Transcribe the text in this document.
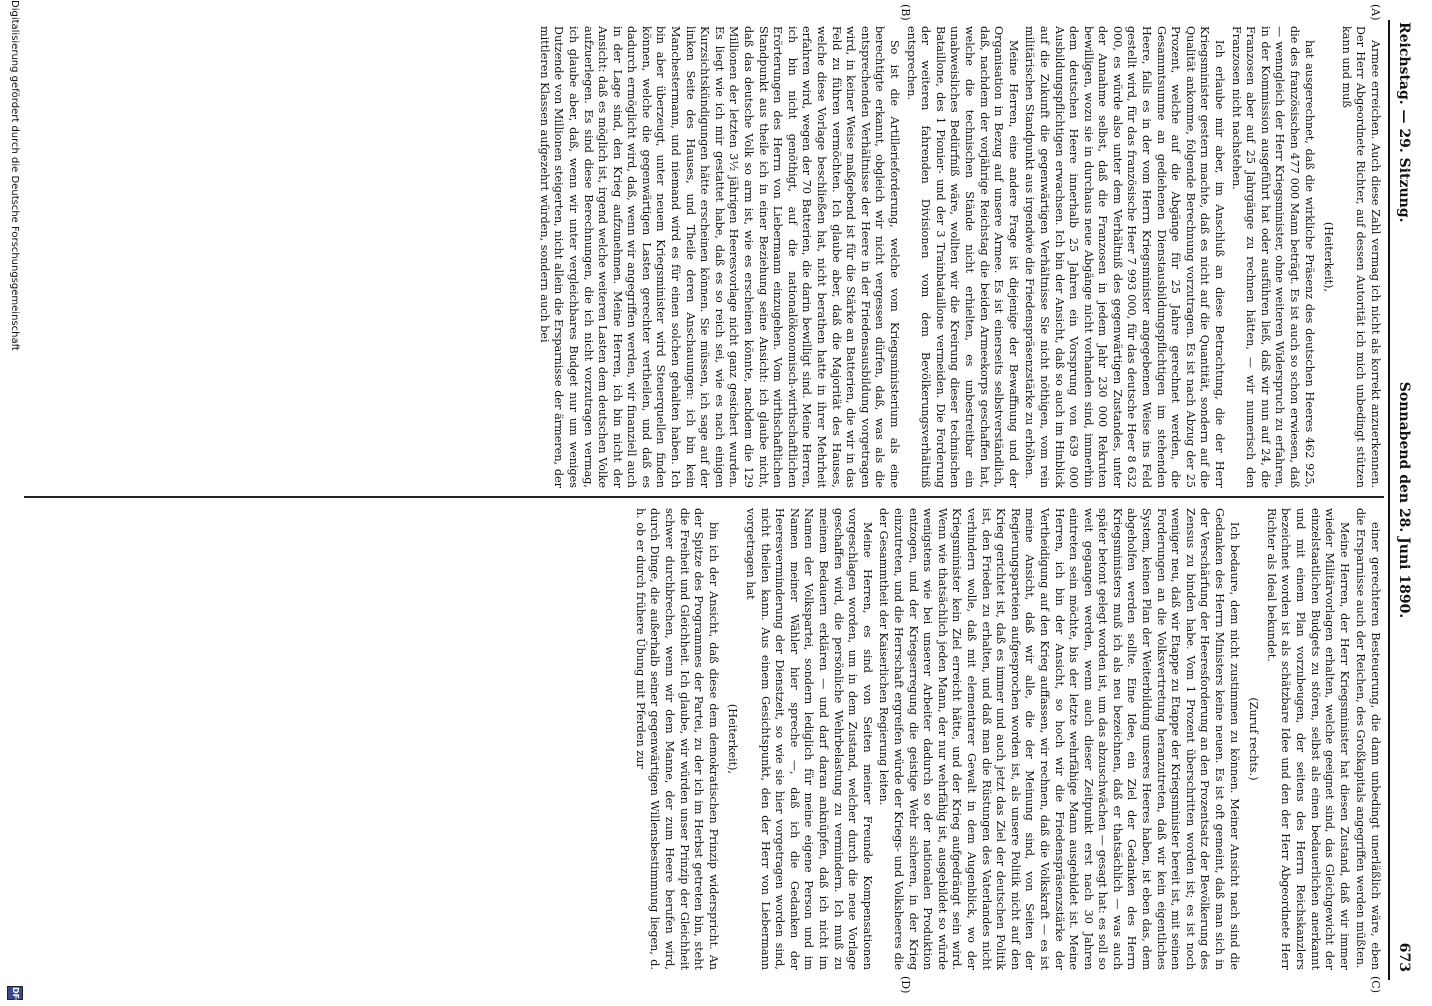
Reichstag. — 29. Sitzung.
Sonnabend den 28. Juni 1890.
673
(A)
(B)
(C)
(D)

Armee erreichen. Auch diese Zahl vermag ich nicht als korrekt anzuerkennen. Der Herr Abgeordnete Richter, auf dessen Autorität ich mich unbedingt stützen kann und muß

(Heiterkeit),

hat ausgerechnet, daß die wirkliche Präsenz des deutschen Heeres 462 925, die des französischen 477 000 Mann beträgt. Es ist auch so schon erwiesen, daß — wenngleich der Herr Kriegsminister, ohne weiteren Widerspruch zu erfahren, in der Kommission ausgeführt hat oder ausführen ließ, daß wir nun auf 24, die Franzosen aber auf 25 Jahrgänge zu rechnen hätten, — wir numerisch den Franzosen nicht nachstehen.

Ich erlaube mir aber, im Anschluß an diese Betrachtung, die der Herr Kriegsminister gestern machte, daß es nicht auf die Quantität, sondern auf die Qualität ankomme, folgende Berechnung vorzutragen. Es ist nach Abzug der 25 Prozent, welche auf die Abgänge für 25 Jahre gerechnet werden, die Gesammtsumme an gediehenen Dienstausbildungspflichtigen im stehenden Heere, falls es in der vom Herrn Kriegsminister angegebenen Weise ins Feld gestellt wird, für das französische Heer 7 993 000, für das deutsche Heer 8 632 000, es würde also unter dem Verhältniß des gegenwärtigen Zustandes, unter der Annahme selbst, daß die Franzosen in jedem Jahr 230 000 Rekruten bewilligen, wozu sie in durchaus neue Abgänge nicht vorhanden sind, immerhin dem deutschen Heere innerhalb 25 Jahren ein Vorsprung von 639 000 Ausbildungspflichtigen erwachsen. Ich bin der Ansicht, daß so auch im Hinblick auf die Zukunft die gegenwärtigen Verhältnisse Sie nicht nöthigen, vom rein militärischen Standpunkt aus irgendwie die Friedenspräsenzstärke zu erhöhen.

Meine Herren, eine andere Frage ist diejenige der Bewaffnung und der Organisation in Bezug auf unsere Armee. Es ist einerseits selbstverständlich, daß, nachdem der vorjährige Reichstag die beiden Armeekorps geschaffen hat, welche die technischen Stände nicht erhielten, es unbestreitbar ein unabweisliches Bedürfniß wäre, wollten wir die Kreirung dieser technischen Bataillone, des 1 Pionier- und der 3 Trainbataillone vermeiden. Die Forderung der weiteren fahrenden Divisionen vom dem Bevölkerungsverhältniß entsprechen.

So ist die Artillerieforderung, welche vom Kriegsministerium als eine berechtigte erkannt, obgleich wir nicht vergessen dürfen, daß, was als die entsprechenden Verhältnisse der Heere in der Friedensausbildung vorgetragen wird, in keiner Weise maßgebend ist für die Stärke an Batterien, die wir in das Feld zu führen vermöchten. Ich glaube aber, daß die Majorität des Hauses, welche diese Vorlage beschließen hat, nicht berathen hatte in ihrer Mehrheit erfahren wird, wegen der 70 Batterien, die darin bewilligt sind. Meine Herren, ich bin nicht genöthigt, auf die nationalökonomisch-wirthschaftlichen Erörterungen des Herrn von Liebermann einzugehen. Vom wirthschaftlichen Standpunkt aus theile ich in einer Beziehung seine Ansicht: ich glaube nicht, daß das deutsche Volk so arm ist, wie es erscheinen könnte, nachdem die 129 Millionen der letzten 3¹⁄₂ jährigen Heeresvorlage nicht ganz gesichert wurden. Es liegt wie ich mir gestattet habe, daß es so reich sei, wie es nach einigen Kurzsichtskündigungen hätte erscheinen können. Sie müssen, ich sage auf der linken Seite des Hauses, und Theile deren Anschauungen: ich bin kein Manchestermann, und niemand wird es für einen solchen gehalten haben. Ich bin aber überzeugt, unter neuem Kriegsminister wird Steuerquellen finden können, welche die gegenwärtigen Lasten gerechter vertheilen, und daß es dadurch ermöglicht wird, daß, wenn wir angegriffen werden, wir finanziell auch in der Lage sind, den Krieg aufzunehmen. Meine Herren, ich bin nicht der Ansicht: daß es möglich ist, irgend welche weiteren Lasten dem deutschen Volke aufzuerlegen. Es sind diese Berechnungen, die ich nicht vorzutragen vermag, ich glaube aber, daß, wenn wir unter vergleichbares Budget nur um weniges Dutzende von Millionen steigerten, nicht allein die Ersparnisse der ärmeren, der mittleren Klassen aufgezehrt würden, sondern auch bei

einer gerechteren Besteuerung, die dann unbedingt unerläßlich wäre, eben die Ersparnisse auch der Reichen, des Großkapitals angegriffen werden müßten.

Meine Herren, der Herr Kriegsminister hat diesen Zustand, daß wir immer wieder Militärvorlagen erhalten, welche geeignet sind, das Gleichgewicht der einzelstaatlichen Budgets zu stören, selbst als einen bedauerlichen anerkannt und mit einem Plan vorzubeugen, der seitens des Herrn Reichskanzlers bezeichnet worden ist als schätzbare Idee und den der Herr Abgeordnete Herr Richter als Ideal bekundet.

(Zuruf rechts.)

Ich bedaure, dem nicht zustimmen zu können. Meiner Ansicht nach sind die Gedanken des Herrn Ministers keine neuen. Es ist oft gemeint, daß man sich in der Verschärfung der Heeresforderung an den Prozentsatz der Bevölkerung des Zensus zu binden habe. Vom 1 Prozent überschritten worden ist; es ist noch weniger neu, daß wir Etappe zu Etappe der Kriegsminister bereit ist, mit seinen Forderungen an die Volksvertretung heranzutreten, daß wir kein eigentliches System, keinen Plan der Weiterbildung unseres Heeres haben, ist eben das, dem abgeholfen werden sollte. Eine Idee, ein Ziel der Gedanken des Herrn Kriegsministers muß ich als neu bezeichnen, daß er thatsächlich — was auch später betont gelegt worden ist, um das abzuschwächen — gesagt hat: es soll so weit gegangen werden, wenn auch dieser Zeitpunkt erst nach 30 Jahren eintreten sein möchte, bis der letzte wehrfähige Mann ausgebildet ist. Meine Herren, ich bin der Ansicht, so hoch wir die Friedenspräsenzstärke der Vertheidigung auf den Krieg auffassen, wir rechnen, daß die Volkskraft — es ist meine Ansicht, daß wir alle, die der Meinung sind, von Seiten der Regierungsparteien aufgesprochen worden ist, als unsere Politik nicht auf den Krieg gerichtet ist, daß es immer und auch jetzt das Ziel der deutschen Politik ist, den Frieden zu erhalten, und daß man die Rüstungen des Vaterlandes nicht verhindern wolle, daß mit elementarer Gewalt in dem Augenblick, wo der Kriegsminister kein Ziel erreicht hätte, und der Krieg aufgedrängt sein wird. Wenn wie thatsächlich jeden Mann, der nur wehrfähig ist, ausgebildet so würde wenigstens wie bei unserer Arbeiter dadurch so der nationalen Produktion entzogen, und der Kriegserregung die geistige Wehr sicheren, in der Krieg einzutreten, und die Herrschaft ergreifen würde der Kriegs- und Volksheeres die der Gesammtheit der Kaiserlichen Regierung leiten.

Meine Herren, es sind von Seiten meiner Freunde Kompensationen vorgeschlagen worden, um in dem Zustand, welcher durch die neue Vorlage geschaffen wird, die persönliche Wehrbelastung zu vermindern. Ich muß zu meinem Bedauern erklären — und darf daran anknüpfen, daß ich nicht im Namen der Volkspartei, sondern lediglich für meine eigene Person und im Namen meiner Wähler hier spreche —, daß ich die Gedanken der Heeresverminderung der Dienstzeit, so wie sie hier vorgetragen worden sind, nicht theilen kann. Aus einem Gesichtspunkt, den der Herr von Liebermann vorgetragen hat

(Heiterkeit),

bin ich der Ansicht, daß diese dem demokratischen Prinzip widerspricht. An der Spitze des Programmes der Partei, zu der ich im Herbst getreten bin, steht die Freiheit und Gleichheit. Ich glaube, wir würden unser Prinzip der Gleichheit schwer durchbrechen, wenn wir dem Manne, der zum Heere berufen wird, durch Dinge, die außerhalb seiner gegenwärtigen Willensbestimmung liegen, d. h. ob er durch frühere Übung mit Pferden zur

Digitalisierung gefördert durch die Deutsche Forschungsgemeinschaft
DFG
